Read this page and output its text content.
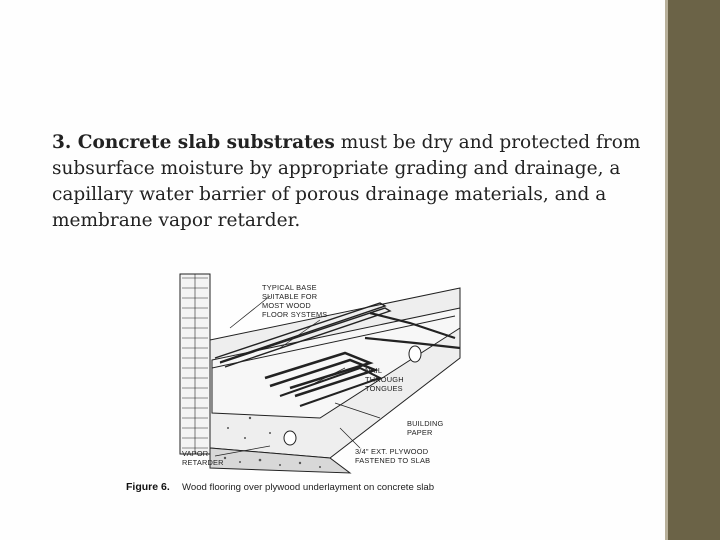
3. Concrete slab substrates must be dry and protected from subsurface moisture by appropriate grading and drainage, a capillary water barrier of porous drainage materials, and a membrane vapor retarder.
TYPICAL BASE
SUITABLE FOR
MOST WOOD
FLOOR SYSTEMS
NAIL
THROUGH
TONGUES
BUILDING
PAPER
3/4" EXT. PLYWOOD
FASTENED TO SLAB
VAPOR
RETARDER
Figure 6. Wood flooring over plywood underlayment on concrete slab
